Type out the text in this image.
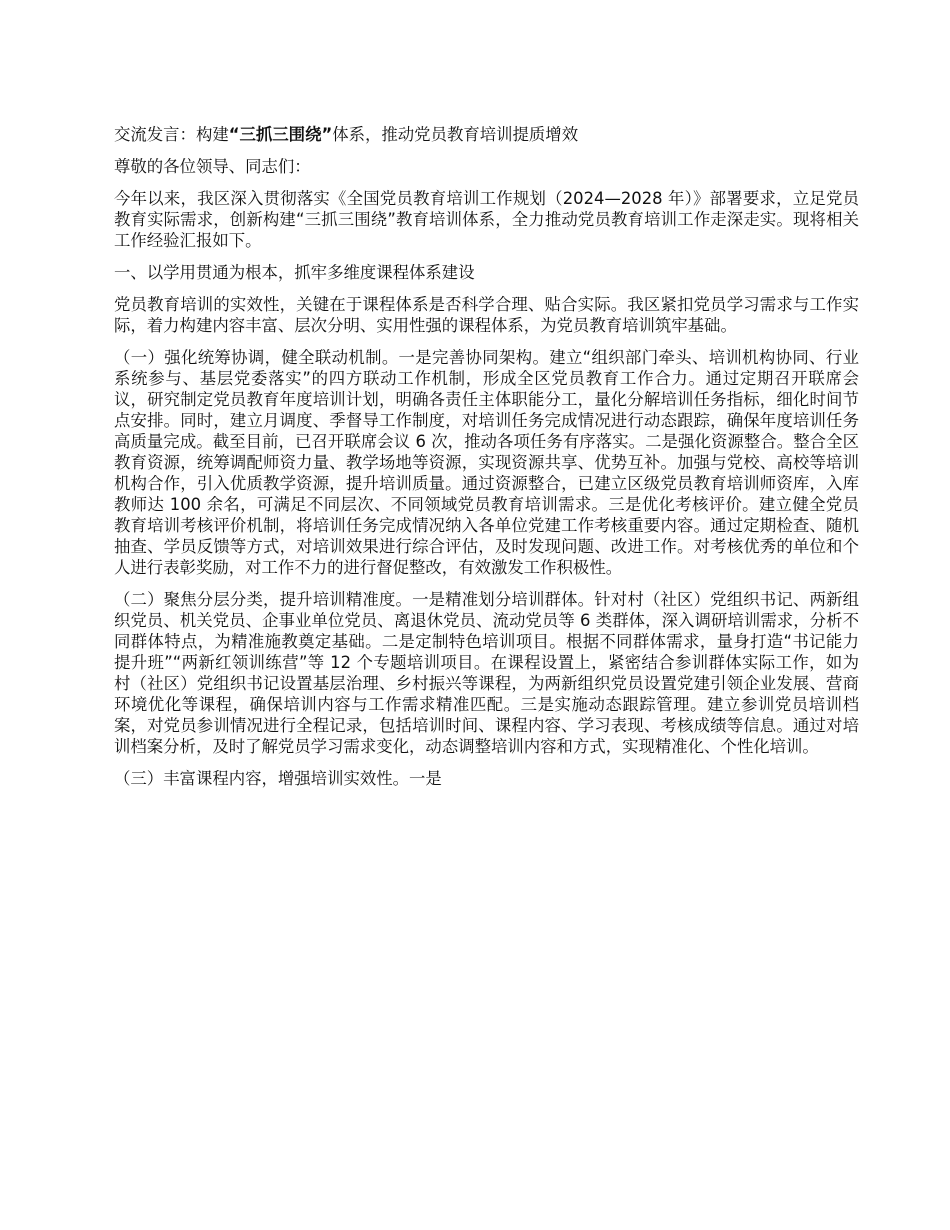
交流发言：构建“三抓三围绕”体系，推动党员教育培训提质增效

尊敬的各位领导、同志们：

今年以来，我区深入贯彻落实《全国党员教育培训工作规划（2024—2028 年）》部署要求，立足党员教育实际需求，创新构建“三抓三围绕”教育培训体系，全力推动党员教育培训工作走深走实。现将相关工作经验汇报如下。

一、以学用贯通为根本，抓牢多维度课程体系建设

党员教育培训的实效性，关键在于课程体系是否科学合理、贴合实际。我区紧扣党员学习需求与工作实际，着力构建内容丰富、层次分明、实用性强的课程体系，为党员教育培训筑牢基础。

（一）强化统筹协调，健全联动机制。一是完善协同架构。建立“组织部门牵头、培训机构协同、行业系统参与、基层党委落实”的四方联动工作机制，形成全区党员教育工作合力。通过定期召开联席会议，研究制定党员教育年度培训计划，明确各责任主体职能分工，量化分解培训任务指标，细化时间节点安排。同时，建立月调度、季督导工作制度，对培训任务完成情况进行动态跟踪，确保年度培训任务高质量完成。截至目前，已召开联席会议 6 次，推动各项任务有序落实。二是强化资源整合。整合全区教育资源，统筹调配师资力量、教学场地等资源，实现资源共享、优势互补。加强与党校、高校等培训机构合作，引入优质教学资源，提升培训质量。通过资源整合，已建立区级党员教育培训师资库，入库教师达 100 余名，可满足不同层次、不同领域党员教育培训需求。三是优化考核评价。建立健全党员教育培训考核评价机制，将培训任务完成情况纳入各单位党建工作考核重要内容。通过定期检查、随机抽查、学员反馈等方式，对培训效果进行综合评估，及时发现问题、改进工作。对考核优秀的单位和个人进行表彰奖励，对工作不力的进行督促整改，有效激发工作积极性。

（二）聚焦分层分类，提升培训精准度。一是精准划分培训群体。针对村（社区）党组织书记、两新组织党员、机关党员、企事业单位党员、离退休党员、流动党员等 6 类群体，深入调研培训需求，分析不同群体特点，为精准施教奠定基础。二是定制特色培训项目。根据不同群体需求，量身打造“书记能力提升班”“两新红领训练营”等 12 个专题培训项目。在课程设置上，紧密结合参训群体实际工作，如为村（社区）党组织书记设置基层治理、乡村振兴等课程，为两新组织党员设置党建引领企业发展、营商环境优化等课程，确保培训内容与工作需求精准匹配。三是实施动态跟踪管理。建立参训党员培训档案，对党员参训情况进行全程记录，包括培训时间、课程内容、学习表现、考核成绩等信息。通过对培训档案分析，及时了解党员学习需求变化，动态调整培训内容和方式，实现精准化、个性化培训。

（三）丰富课程内容，增强培训实效性。一是
